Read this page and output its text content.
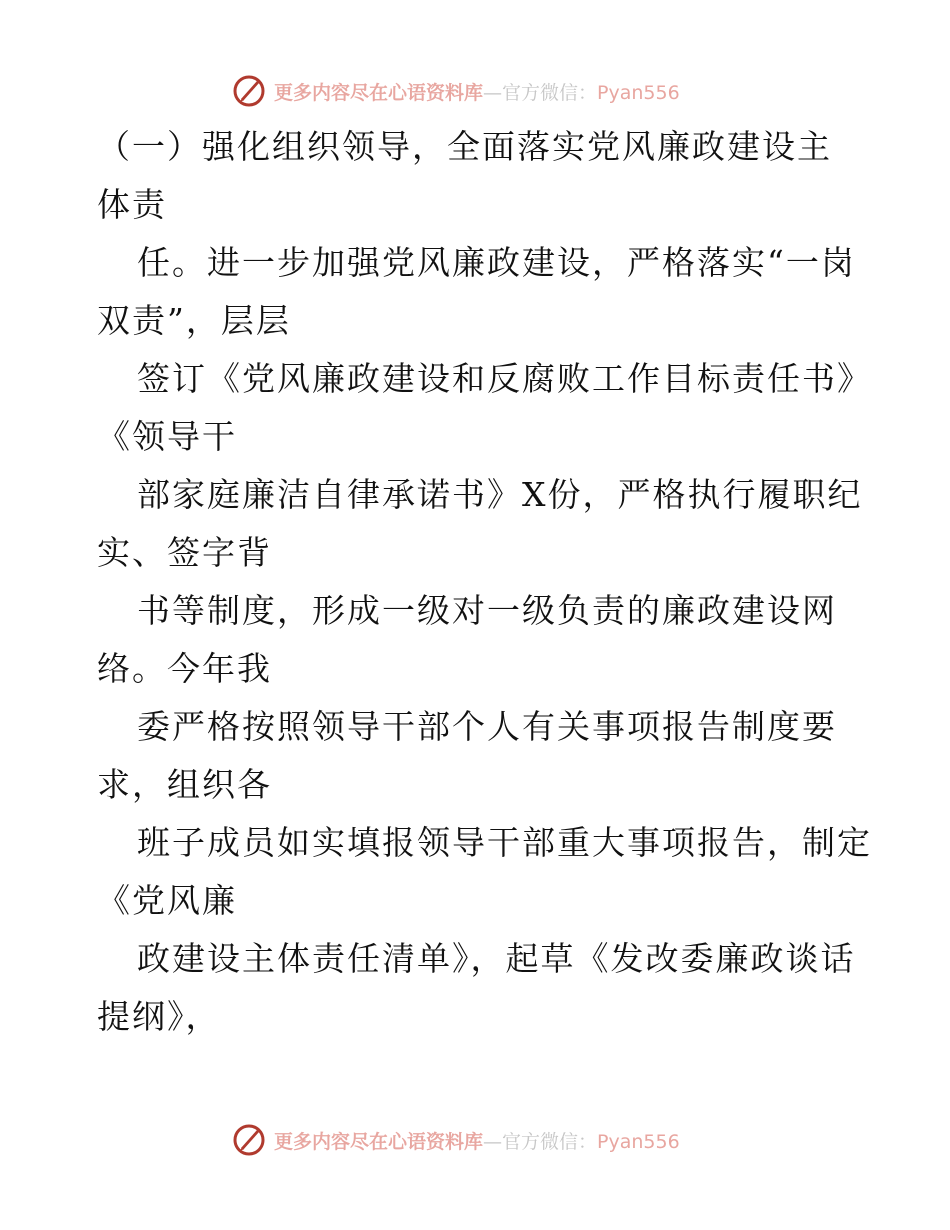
更多内容尽在心语资料库—官方微信：Pyan556
（一）强化组织领导，全面落实党风廉政建设主
体责
任。进一步加强党风廉政建设，严格落实“一岗
双责”，层层
签订《党风廉政建设和反腐败工作目标责任书》
《领导干
部家庭廉洁自律承诺书》X份，严格执行履职纪
实、签字背
书等制度，形成一级对一级负责的廉政建设网
络。今年我
委严格按照领导干部个人有关事项报告制度要
求，组织各
班子成员如实填报领导干部重大事项报告，制定
《党风廉
政建设主体责任清单》，起草《发改委廉政谈话
提纲》，
更多内容尽在心语资料库—官方微信：Pyan556
